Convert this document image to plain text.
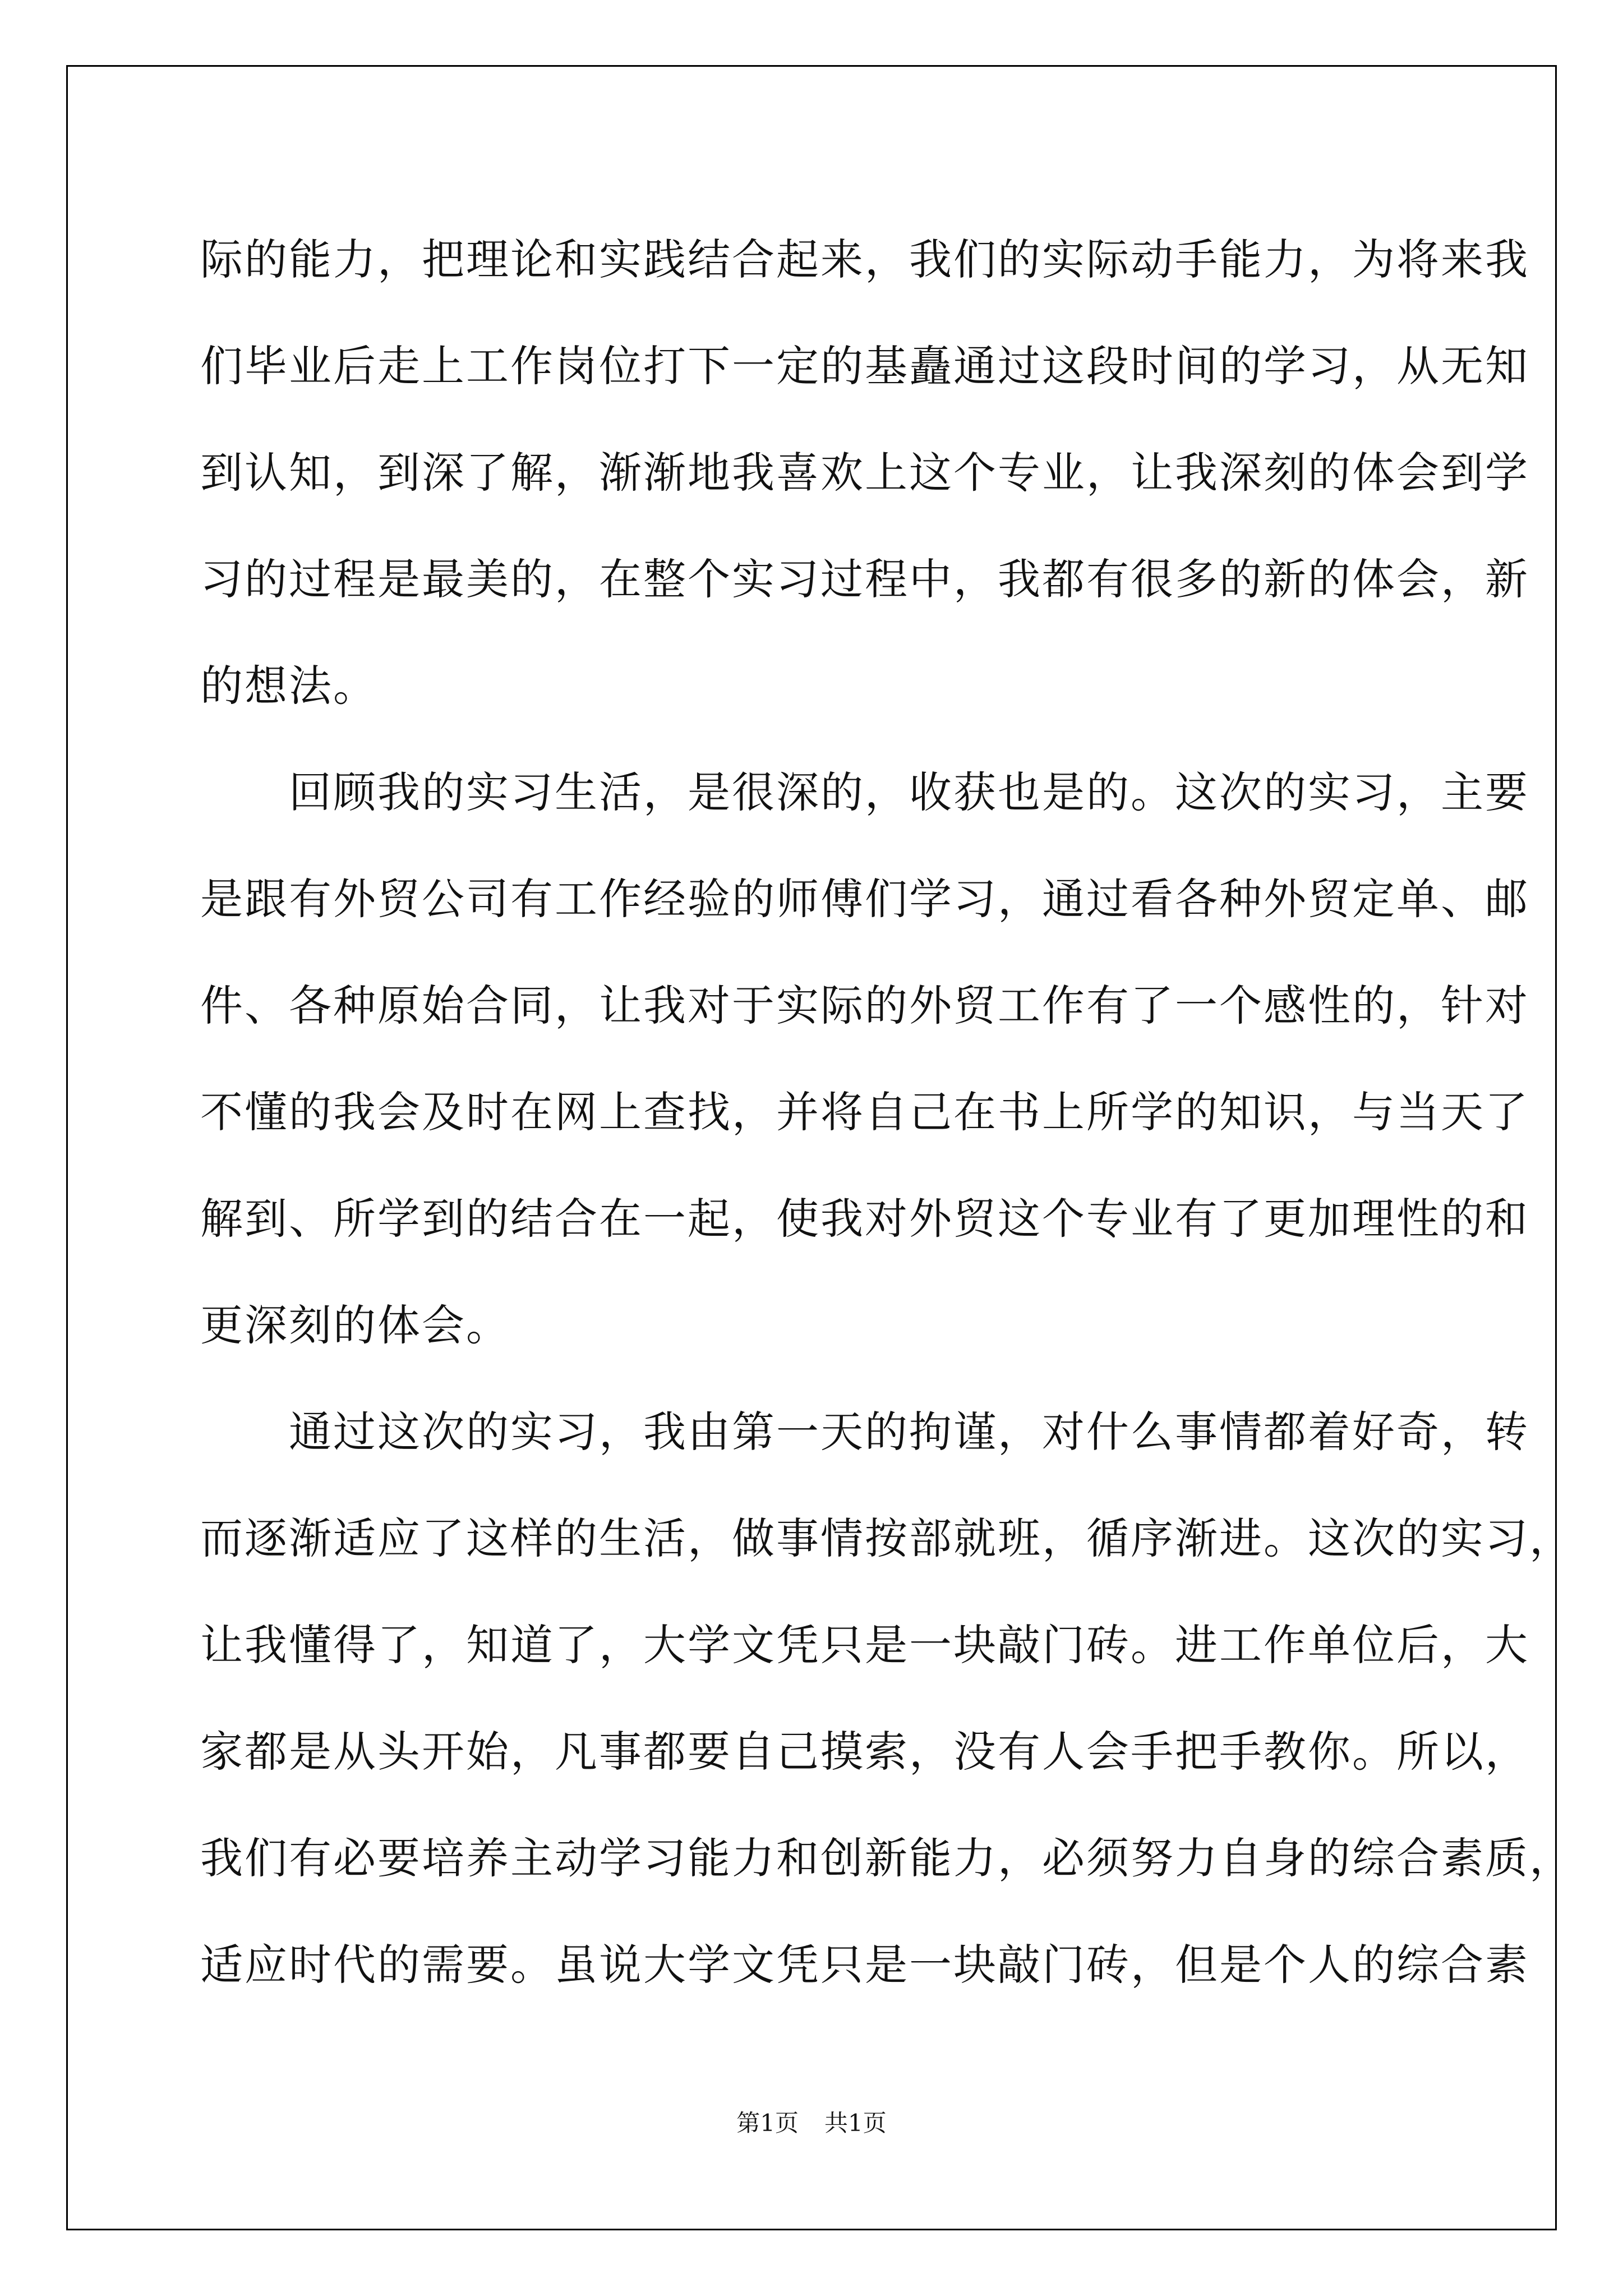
际的能力，把理论和实践结合起来，我们的实际动手能力，为将来我
们毕业后走上工作岗位打下一定的基矗通过这段时间的学习，从无知
到认知，到深了解，渐渐地我喜欢上这个专业，让我深刻的体会到学
习的过程是最美的，在整个实习过程中，我都有很多的新的体会，新
的想法。
　　回顾我的实习生活，是很深的，收获也是的。这次的实习，主要
是跟有外贸公司有工作经验的师傅们学习，通过看各种外贸定单、邮
件、各种原始合同，让我对于实际的外贸工作有了一个感性的，针对
不懂的我会及时在网上查找，并将自己在书上所学的知识，与当天了
解到、所学到的结合在一起，使我对外贸这个专业有了更加理性的和
更深刻的体会。
　　通过这次的实习，我由第一天的拘谨，对什么事情都着好奇，转
而逐渐适应了这样的生活，做事情按部就班，循序渐进。这次的实习，
让我懂得了，知道了，大学文凭只是一块敲门砖。进工作单位后，大
家都是从头开始，凡事都要自己摸索，没有人会手把手教你。所以，
我们有必要培养主动学习能力和创新能力，必须努力自身的综合素质，
适应时代的需要。虽说大学文凭只是一块敲门砖，但是个人的综合素
第1页 共1页
